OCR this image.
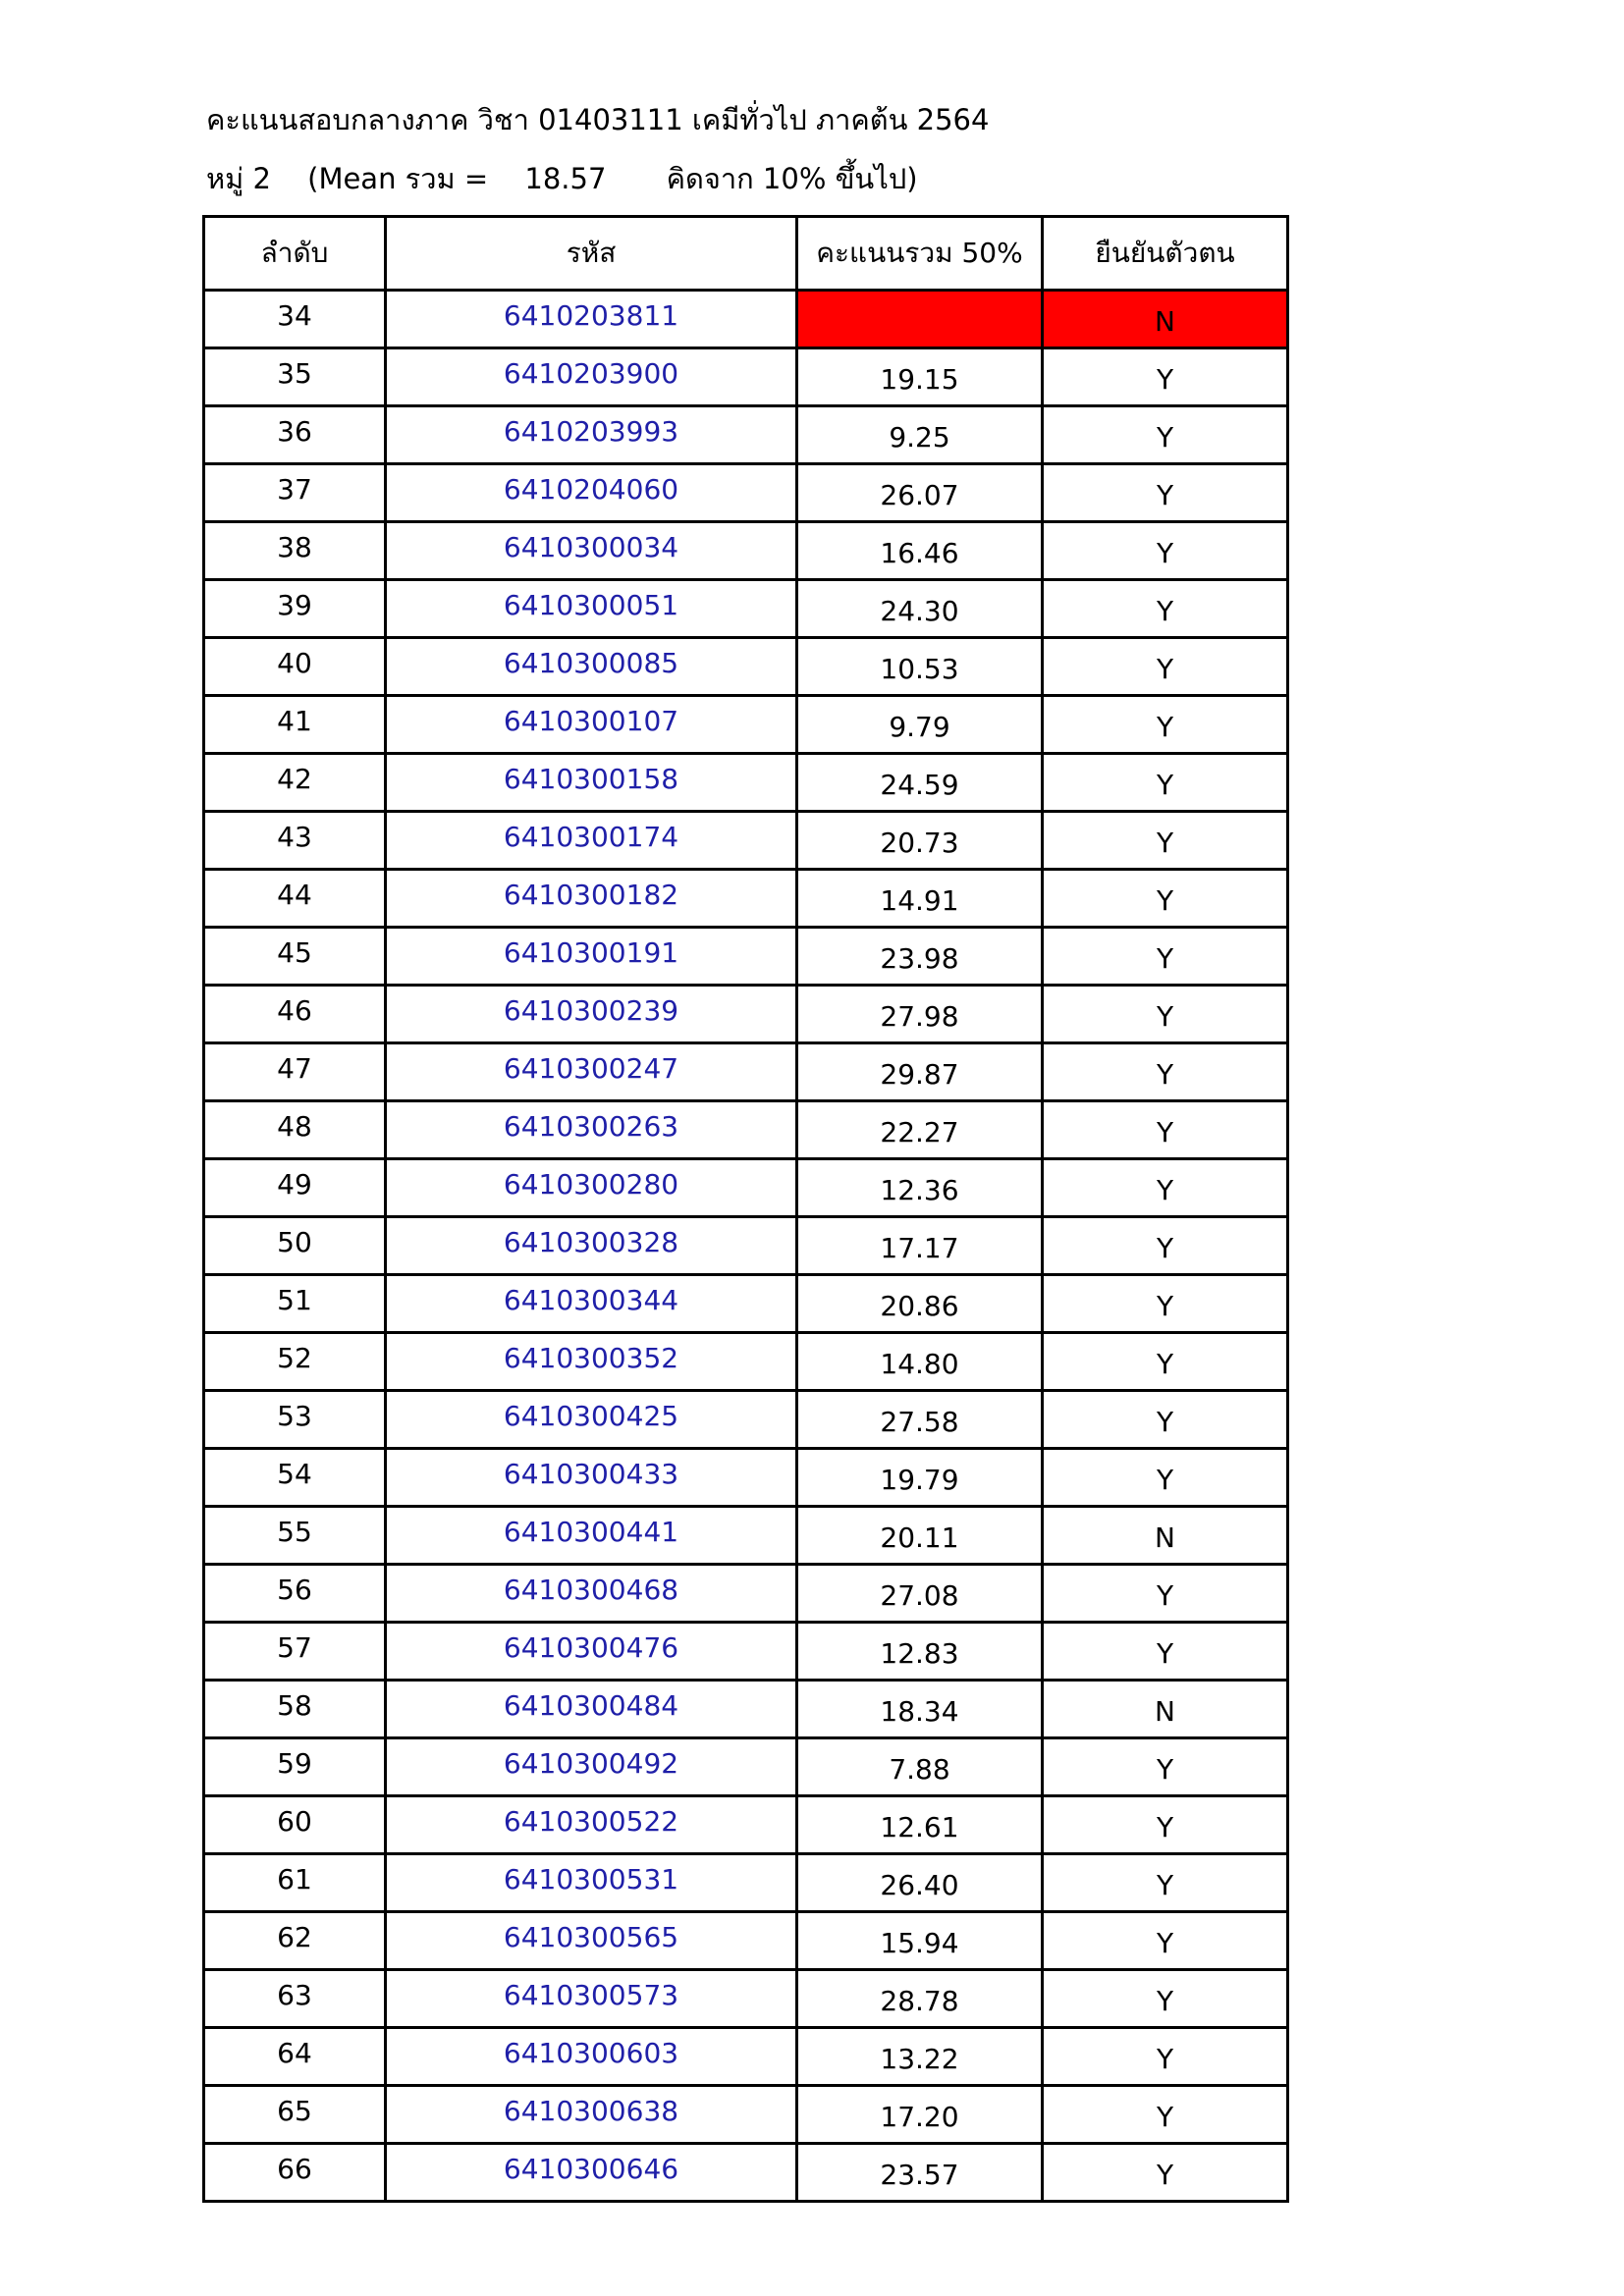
คะแนนสอบกลางภาค วิชา 01403111 เคมีทั่วไป ภาคต้น 2564
หมู่ 2 (Mean รวม = 18.57 คิดจาก 10% ขึ้นไป)
ลำดับ	รหัส	คะแนนรวม 50%	ยืนยันตัวตน
34	6410203811		N
35	6410203900	19.15	Y
36	6410203993	9.25	Y
37	6410204060	26.07	Y
38	6410300034	16.46	Y
39	6410300051	24.30	Y
40	6410300085	10.53	Y
41	6410300107	9.79	Y
42	6410300158	24.59	Y
43	6410300174	20.73	Y
44	6410300182	14.91	Y
45	6410300191	23.98	Y
46	6410300239	27.98	Y
47	6410300247	29.87	Y
48	6410300263	22.27	Y
49	6410300280	12.36	Y
50	6410300328	17.17	Y
51	6410300344	20.86	Y
52	6410300352	14.80	Y
53	6410300425	27.58	Y
54	6410300433	19.79	Y
55	6410300441	20.11	N
56	6410300468	27.08	Y
57	6410300476	12.83	Y
58	6410300484	18.34	N
59	6410300492	7.88	Y
60	6410300522	12.61	Y
61	6410300531	26.40	Y
62	6410300565	15.94	Y
63	6410300573	28.78	Y
64	6410300603	13.22	Y
65	6410300638	17.20	Y
66	6410300646	23.57	Y
